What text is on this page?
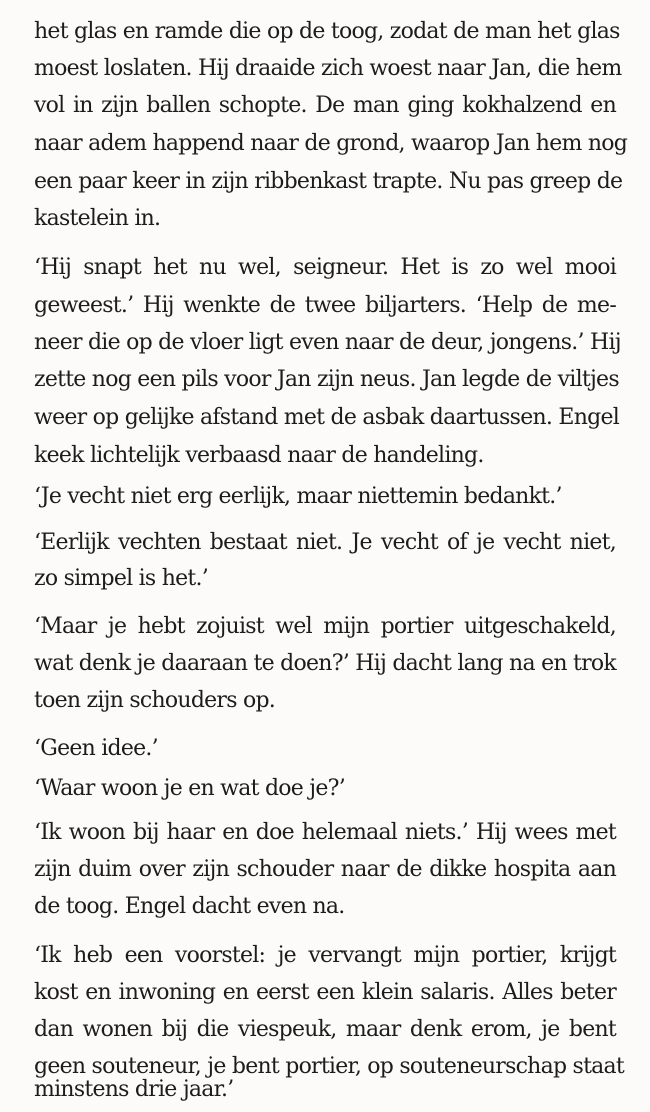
het glas en ramde die op de toog, zodat de man het glas
moest loslaten. Hij draaide zich woest naar Jan, die hem
vol in zijn ballen schopte. De man ging kokhalzend en
naar adem happend naar de grond, waarop Jan hem nog
een paar keer in zijn ribbenkast trapte. Nu pas greep de
kastelein in.
‘Hij snapt het nu wel, seigneur. Het is zo wel mooi
geweest.’ Hij wenkte de twee biljarters. ‘Help de me-
neer die op de vloer ligt even naar de deur, jongens.’ Hij
zette nog een pils voor Jan zijn neus. Jan legde de viltjes
weer op gelijke afstand met de asbak daartussen. Engel
keek lichtelijk verbaasd naar de handeling.
‘Je vecht niet erg eerlijk, maar niettemin bedankt.’
‘Eerlijk vechten bestaat niet. Je vecht of je vecht niet,
zo simpel is het.’
‘Maar je hebt zojuist wel mijn portier uitgeschakeld,
wat denk je daaraan te doen?’ Hij dacht lang na en trok
toen zijn schouders op.
‘Geen idee.’
‘Waar woon je en wat doe je?’
‘Ik woon bij haar en doe helemaal niets.’ Hij wees met
zijn duim over zijn schouder naar de dikke hospita aan
de toog. Engel dacht even na.
‘Ik heb een voorstel: je vervangt mijn portier, krijgt
kost en inwoning en eerst een klein salaris. Alles beter
dan wonen bij die viespeuk, maar denk erom, je bent
geen souteneur, je bent portier, op souteneurschap staat
minstens drie jaar.’
